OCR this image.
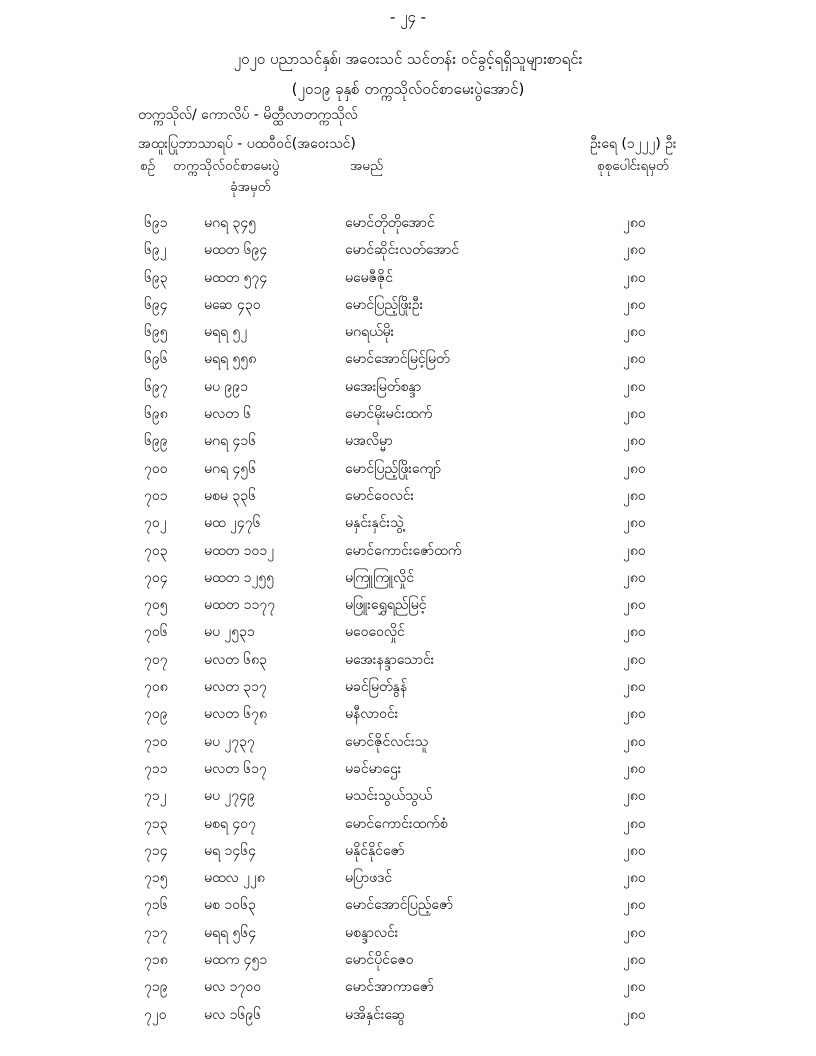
- ၂၄ -
၂၀၂၀ ပညာသင်နှစ်၊ အဝေးသင် သင်တန်း ဝင်ခွင့်ရရှိသူများစာရင်း
(၂၀၁၉ ခုနှစ် တက္ကသိုလ်ဝင်စာမေးပွဲအောင်)
တက္ကသိုလ်/ ကောလိပ် - မိတ္ထီလာတက္ကသိုလ်
အထူးပြုဘာသာရပ် - ပထဝီဝင်(အဝေးသင်)	ဦးရေ (၁၂၂၂) ဦး
စဉ် တက္ကသိုလ်ဝင်စာမေးပွဲ
ခုံအမှတ်
အမည်	စုစုပေါင်းရမှတ်
၆၉၁	မဂရ ၃၄၅	မောင်တိုတိုအောင်	၂၈၀
၆၉၂	မထတ ၆၉၄	မောင်ဆိုင်းလတ်အောင်	၂၈၀
၆၉၃	မထတ ၅၇၄	မမေဇီဇိုင်	၂၈၀
၆၉၄	မဆေ ၄၃၀	မောင်ပြည့်ဖြိုးဦး	၂၈၀
၆၉၅	မရရ ၅၂	မဂရယ်မိုး	၂၈၀
၆၉၆	မရရ ၅၅၈	မောင်အောင်မြင့်မြတ်	၂၈၀
၆၉၇	မပ ၉၉၁	မအေးမြတ်စန္ဒာ	၂၈၀
၆၉၈	မလတ ၆	မောင်မိုးမင်းထက်	၂၈၀
၆၉၉	မဂရ ၄၁၆	မအလိမ္မာ	၂၈၀
၇၀၀	မဂရ ၄၅၆	မောင်ပြည့်ဖြိုးကျော်	၂၈၀
၇၀၁	မစမ ၃၃၆	မောင်ဝေလင်း	၂၈၀
၇၀၂	မထ ၂၄၇၆	မနှင်းနှင်းသွဲ့	၂၈၀
၇၀၃	မထတ ၁၀၁၂	မောင်ကောင်းဇော်ထက်	၂၈၀
၇၀၄	မထတ ၁၂၅၅	မကြူကြူလှိုင်	၂၈၀
၇၀၅	မထတ ၁၁၇၇	မဖြူးရွှေရည်မြင့်	၂၈၀
၇၀၆	မပ ၂၅၃၁	မဝေဝေလှိုင်	၂၈၀
၇၀၇	မလတ ၆၈၃	မအေးနန္ဒာသောင်း	၂၈၀
၇၀၈	မလတ ၃၁၇	မခင်မြတ်နွန်	၂၈၀
၇၀၉	မလတ ၆၇၈	မနီလာဝင်း	၂၈၀
၇၁၀	မပ ၂၇၃၇	မောင်ဇိုင်လင်းသူ	၂၈၀
၇၁၁	မလတ ၆၁၇	မခင်မာဌေး	၂၈၀
၇၁၂	မပ ၂၇၄၉	မသင်းသွယ်သွယ်	၂၈၀
၇၁၃	မစရ ၄၀၇	မောင်ကောင်းထက်စံ	၂၈၀
၇၁၄	မရ ၁၄၆၄	မနိုင်နိုင်ဇော်	၂၈၀
၇၁၅	မထလ ၂၂၈	မပြာဖဒင်	၂၈၀
၇၁၆	မစ ၁၀၆၃	မောင်အောင်ပြည့်ဇော်	၂၈၀
၇၁၇	မရရ ၅၆၄	မစန္ဒာလင်း	၂၈၀
၇၁၈	မထက ၄၅၁	မောင်ပိုင်ဇေဝ	၂၈၀
၇၁၉	မလ ၁၇၀၀	မောင်အာကာဇော်	၂၈၀
၇၂၀	မလ ၁၆၉၆	မအိနှင်းဆွေ	၂၈၀
